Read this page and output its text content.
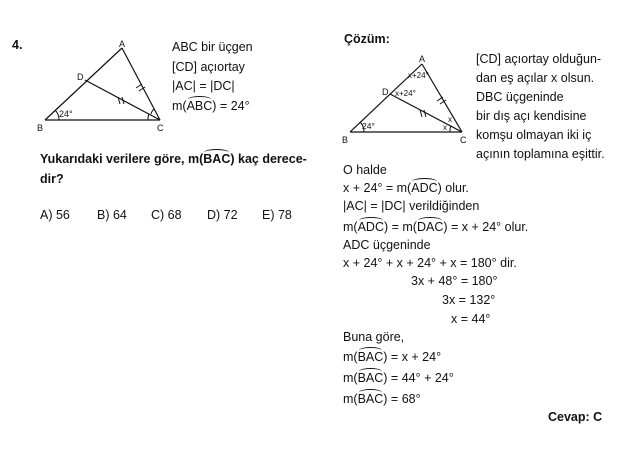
4.	A
B	C
D
24°
ABC bir üçgen
[CD] açıortay
|AC| = |DC|
m(ABC) = 24°
Yukarıdaki verilere göre, m(BAC) kaç derece-
dir?
A) 56 B) 64 C) 68 D) 72 E) 78
Çözüm:
A
B	C
D
24°
x+24°
x+24°
x
x
[CD] açıortay olduğun-
dan eş açılar x olsun.
DBC üçgeninde
bir dış açı kendisine
komşu olmayan iki iç
açının toplamına eşittir.
O halde
x + 24° = m(ADC) olur.
|AC| = |DC| verildiğinden
m(ADC) = m(DAC) = x + 24° olur.
ADC üçgeninde
x + 24° + x + 24° + x = 180° dir.
3x + 48° = 180°
3x = 132°
x = 44°
Buna göre,
m(BAC) = x + 24°
m(BAC) = 44° + 24°
m(BAC) = 68°
Cevap: C
